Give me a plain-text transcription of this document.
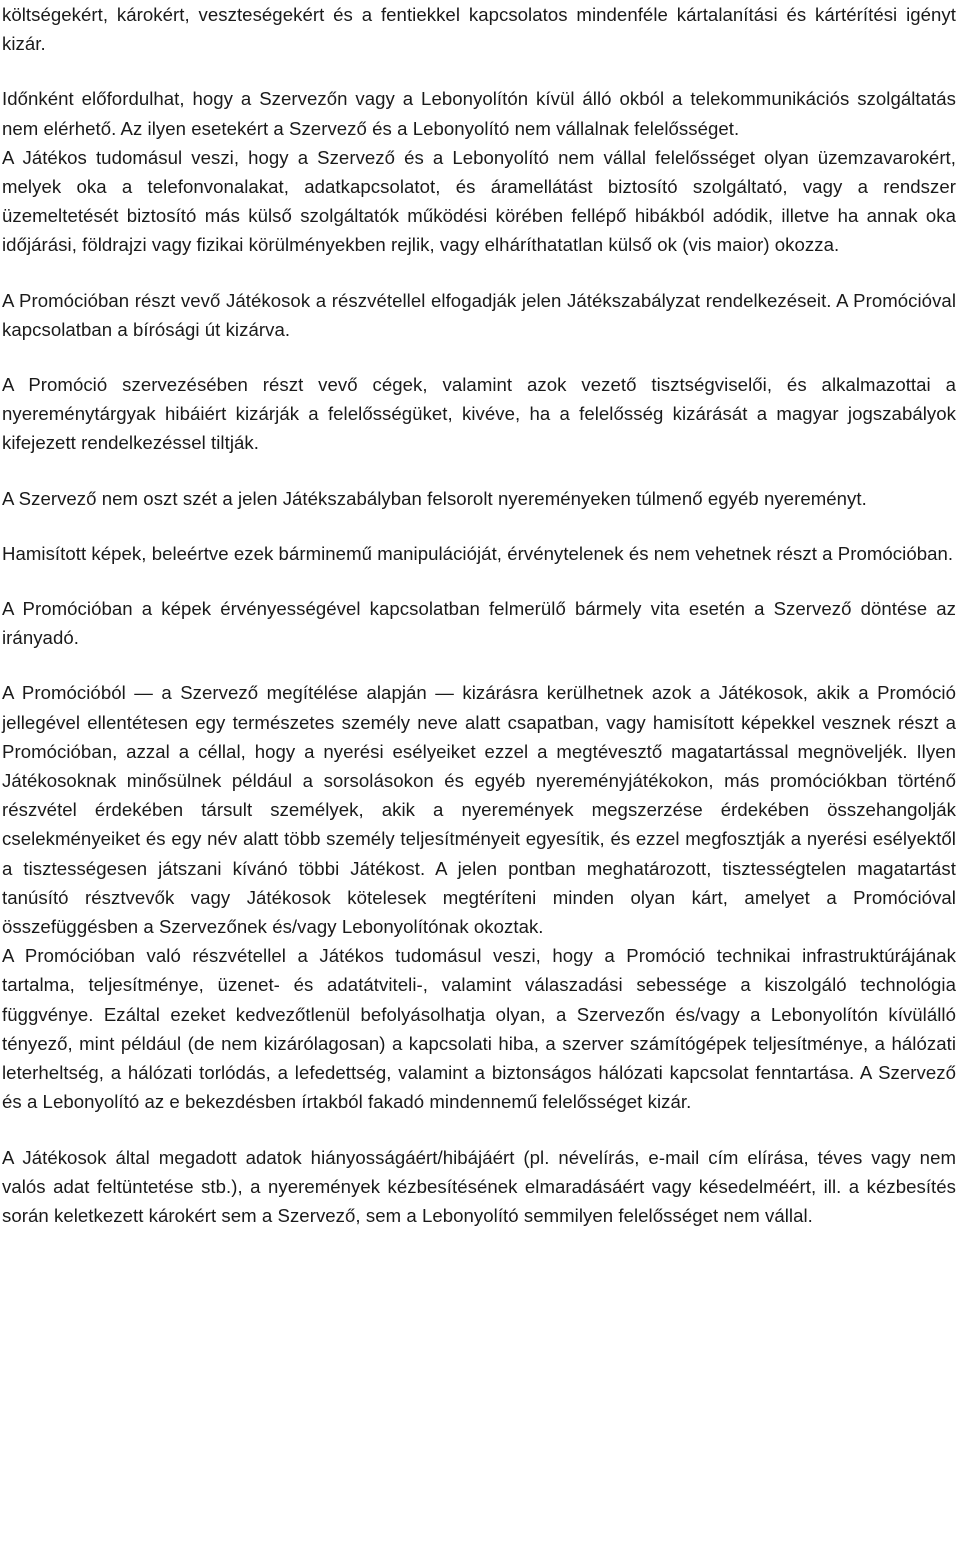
költségekért, károkért, veszteségekért és a fentiekkel kapcsolatos mindenféle kártalanítási és kártérítési igényt kizár.

Időnként előfordulhat, hogy a Szervezőn vagy a Lebonyolítón kívül álló okból a telekommunikációs szolgáltatás nem elérhető. Az ilyen esetekért a Szervező és a Lebonyolító nem vállalnak felelősséget.

A Játékos tudomásul veszi, hogy a Szervező és a Lebonyolító nem vállal felelősséget olyan üzemzavarokért, melyek oka a telefonvonalakat, adatkapcsolatot, és áramellátást biztosító szolgáltató, vagy a rendszer üzemeltetését biztosító más külső szolgáltatók működési körében fellépő hibákból adódik, illetve ha annak oka időjárási, földrajzi vagy fizikai körülményekben rejlik, vagy elháríthatatlan külső ok (vis maior) okozza.

A Promócióban részt vevő Játékosok a részvétellel elfogadják jelen Játékszabályzat rendelkezéseit. A Promócióval kapcsolatban a bírósági út kizárva.

A Promóció szervezésében részt vevő cégek, valamint azok vezető tisztségviselői, és alkalmazottai a nyereménytárgyak hibáiért kizárják a felelősségüket, kivéve, ha a felelősség kizárását a magyar jogszabályok kifejezett rendelkezéssel tiltják.

A Szervező nem oszt szét a jelen Játékszabályban felsorolt nyereményeken túlmenő egyéb nyereményt.

Hamisított képek, beleértve ezek bárminemű manipulációját, érvénytelenek és nem vehetnek részt a Promócióban.

A Promócióban a képek érvényességével kapcsolatban felmerülő bármely vita esetén a Szervező döntése az irányadó.

A Promócióból — a Szervező megítélése alapján — kizárásra kerülhetnek azok a Játékosok, akik a Promóció jellegével ellentétesen egy természetes személy neve alatt csapatban, vagy hamisított képekkel vesznek részt a Promócióban, azzal a céllal, hogy a nyerési esélyeiket ezzel a megtévesztő magatartással megnöveljék. Ilyen Játékosoknak minősülnek például a sorsolásokon és egyéb nyereményjátékokon, más promóciókban történő részvétel érdekében társult személyek, akik a nyeremények megszerzése érdekében összehangolják cselekményeiket és egy név alatt több személy teljesítményeit egyesítik, és ezzel megfosztják a nyerési esélyektől a tisztességesen játszani kívánó többi Játékost. A jelen pontban meghatározott, tisztességtelen magatartást tanúsító résztvevők vagy Játékosok kötelesek megtéríteni minden olyan kárt, amelyet a Promócióval összefüggésben a Szervezőnek és/vagy Lebonyolítónak okoztak.

A Promócióban való részvétellel a Játékos tudomásul veszi, hogy a Promóció technikai infrastruktúrájának tartalma, teljesítménye, üzenet- és adatátviteli-, valamint válaszadási sebessége a kiszolgáló technológia függvénye. Ezáltal ezeket kedvezőtlenül befolyásolhatja olyan, a Szervezőn és/vagy a Lebonyolítón kívülálló tényező, mint például (de nem kizárólagosan) a kapcsolati hiba, a szerver számítógépek teljesítménye, a hálózati leterheltség, a hálózati torlódás, a lefedettség, valamint a biztonságos hálózati kapcsolat fenntartása. A Szervező és a Lebonyolító az e bekezdésben írtakból fakadó mindennemű felelősséget kizár.

A Játékosok által megadott adatok hiányosságáért/hibájáért (pl. névelírás, e-mail cím elírása, téves vagy nem valós adat feltüntetése stb.), a nyeremények kézbesítésének elmaradásáért vagy késedelméért, ill. a kézbesítés során keletkezett károkért sem a Szervező, sem a Lebonyolító semmilyen felelősséget nem vállal.
